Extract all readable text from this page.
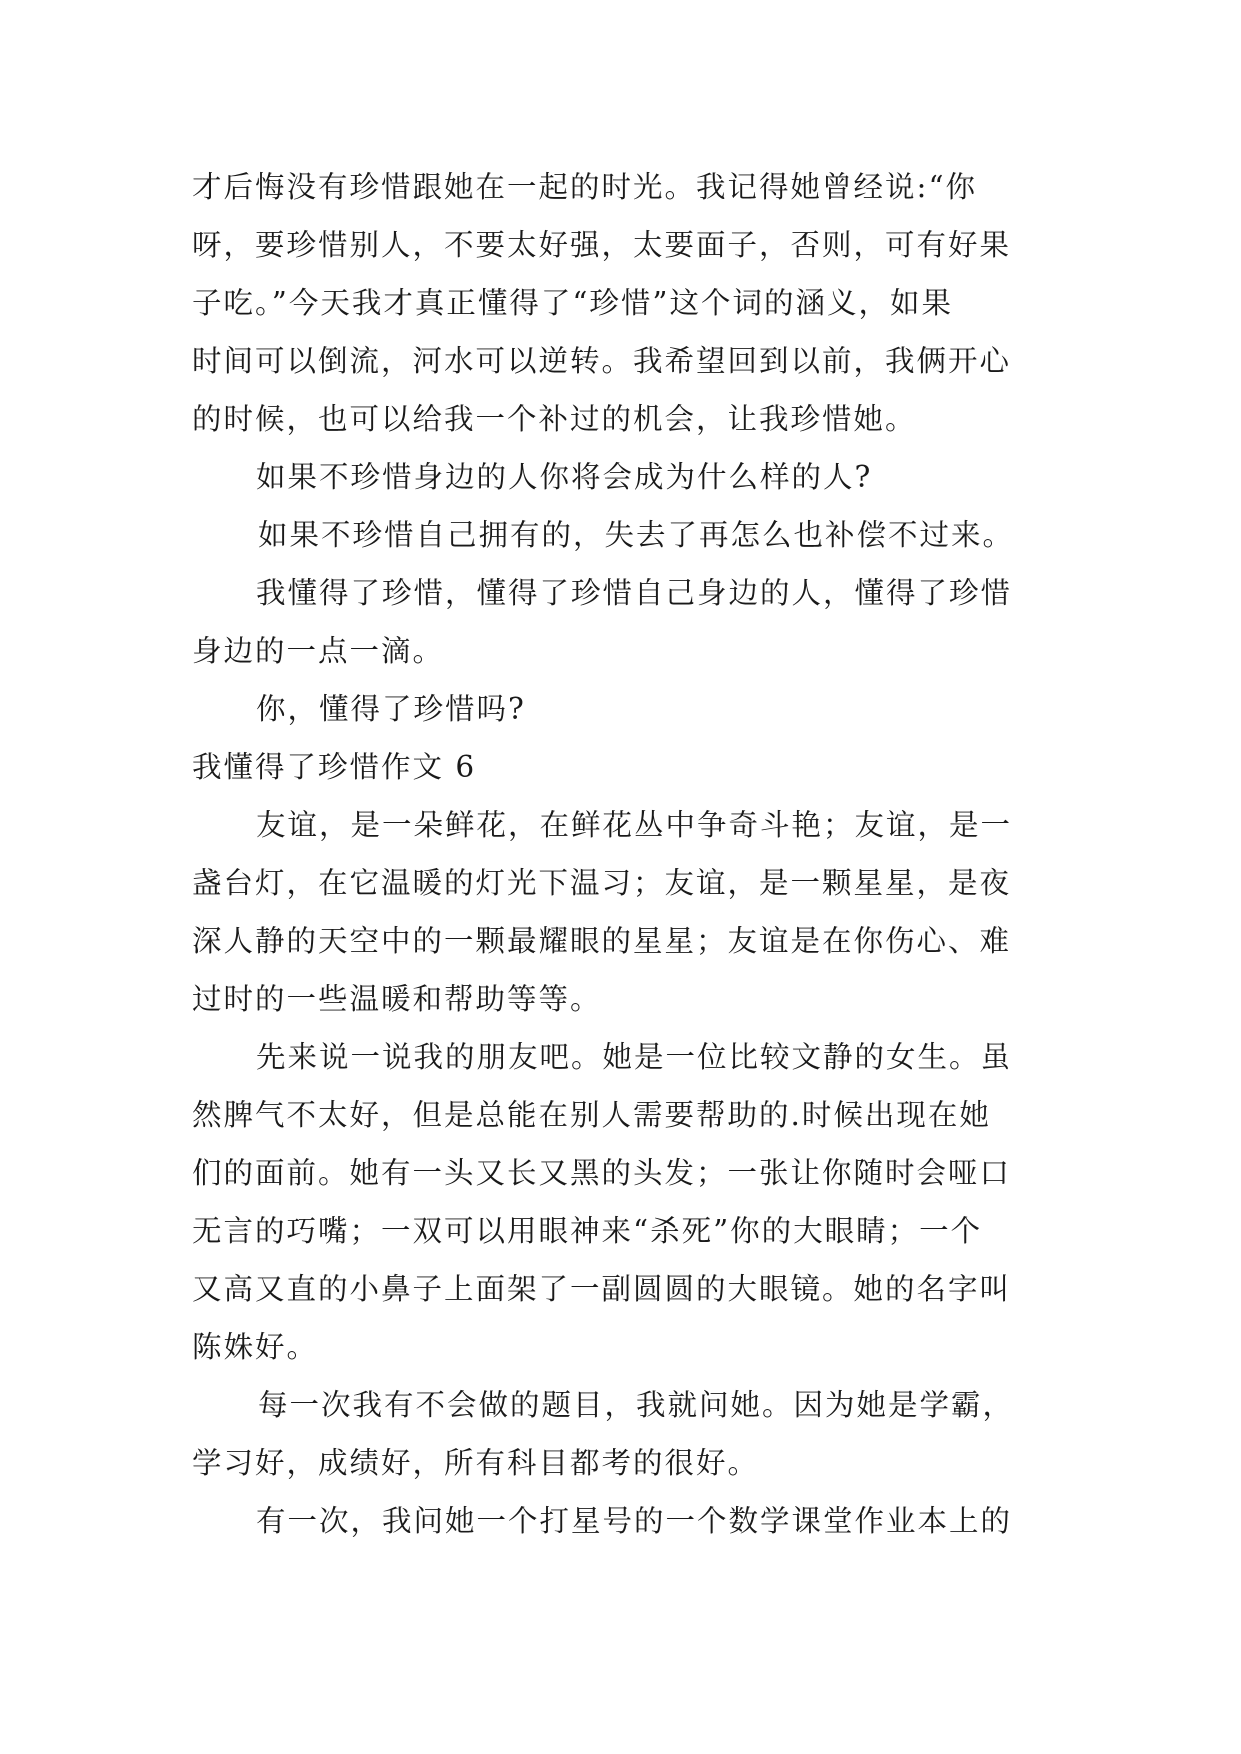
才后悔没有珍惜跟她在一起的时光。我记得她曾经说:“你
呀，要珍惜别人，不要太好强，太要面子，否则，可有好果
子吃。”今天我才真正懂得了“珍惜”这个词的涵义，如果
时间可以倒流，河水可以逆转。我希望回到以前，我俩开心
的时候，也可以给我一个补过的机会，让我珍惜她。
如果不珍惜身边的人你将会成为什么样的人?
如果不珍惜自己拥有的，失去了再怎么也补偿不过来。
我懂得了珍惜，懂得了珍惜自己身边的人，懂得了珍惜
身边的一点一滴。
你，懂得了珍惜吗?
我懂得了珍惜作文 6
友谊，是一朵鲜花，在鲜花丛中争奇斗艳；友谊，是一
盏台灯，在它温暖的灯光下温习；友谊，是一颗星星，是夜
深人静的天空中的一颗最耀眼的星星；友谊是在你伤心、难
过时的一些温暖和帮助等等。
先来说一说我的朋友吧。她是一位比较文静的女生。虽
然脾气不太好，但是总能在别人需要帮助的.时候出现在她
们的面前。她有一头又长又黑的头发；一张让你随时会哑口
无言的巧嘴；一双可以用眼神来“杀死”你的大眼睛；一个
又高又直的小鼻子上面架了一副圆圆的大眼镜。她的名字叫
陈姝好。
每一次我有不会做的题目，我就问她。因为她是学霸，
学习好，成绩好，所有科目都考的很好。
有一次，我问她一个打星号的一个数学课堂作业本上的
